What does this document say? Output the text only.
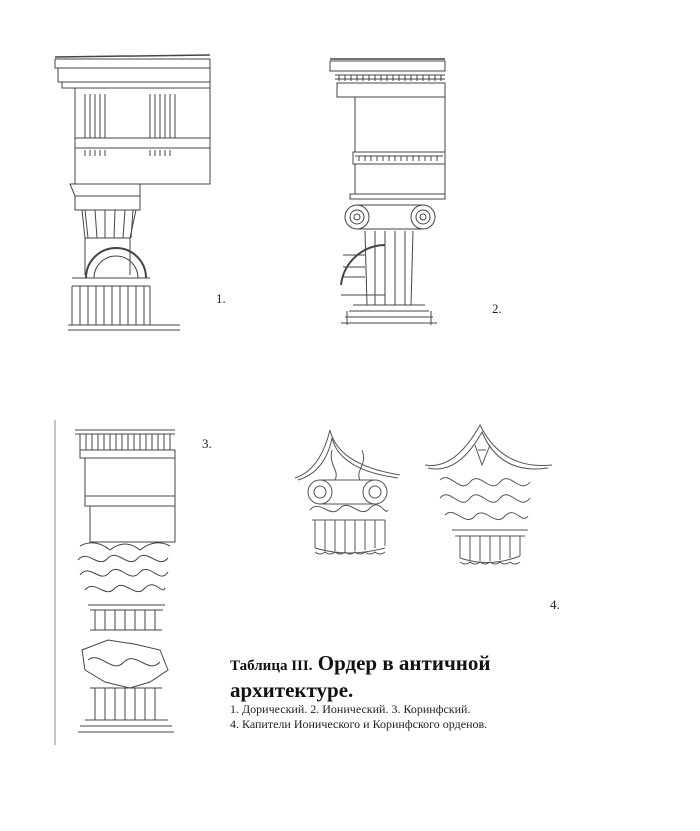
1.
2.
3.
4.
Таблица III. Ордер в античной
архитектуре.
1. Дорический. 2. Ионический. 3. Коринфский.
4. Капители Ионического и Коринфского орденов.
